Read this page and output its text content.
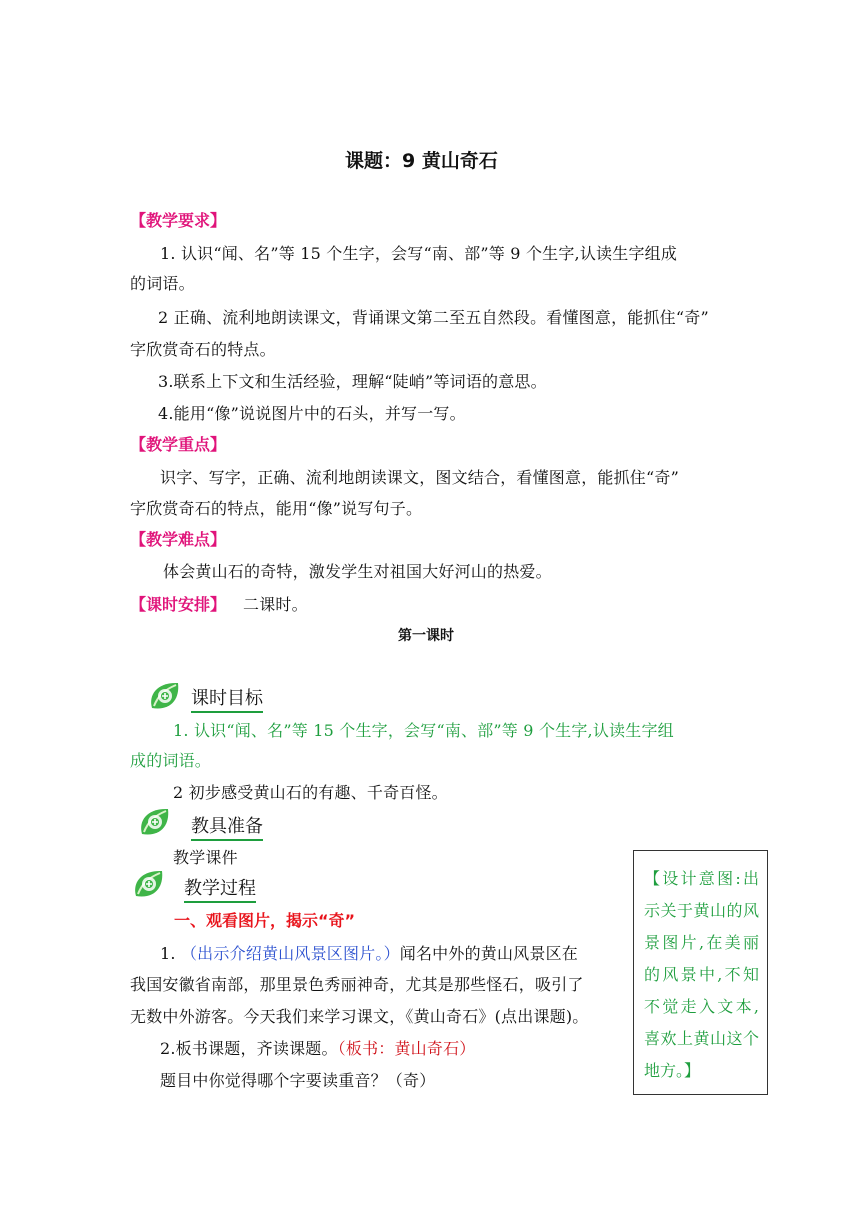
课题：9 黄山奇石
【教学要求】
1. 认识“闻、名”等 15 个生字，会写“南、部”等 9 个生字,认读生字组成
的词语。
2 正确、流利地朗读课文，背诵课文第二至五自然段。看懂图意，能抓住“奇”
字欣赏奇石的特点。
3.联系上下文和生活经验，理解“陡峭”等词语的意思。
4.能用“像”说说图片中的石头，并写一写。
【教学重点】
识字、写字，正确、流利地朗读课文，图文结合，看懂图意，能抓住“奇”
字欣赏奇石的特点，能用“像”说写句子。
【教学难点】
体会黄山石的奇特，激发学生对祖国大好河山的热爱。
【课时安排】 二课时。
第一课时
课时目标
1. 认识“闻、名”等 15 个生字，会写“南、部”等 9 个生字,认读生字组
成的词语。
2 初步感受黄山石的有趣、千奇百怪。
教具准备
教学课件
教学过程
一、观看图片，揭示“奇”
1. （出示介绍黄山风景区图片。）闻名中外的黄山风景区在
我国安徽省南部，那里景色秀丽神奇，尤其是那些怪石，吸引了
无数中外游客。今天我们来学习课文，《黄山奇石》(点出课题)。
2.板书课题，齐读课题。（板书：黄山奇石）
题目中你觉得哪个字要读重音？（奇）
【设计意图:出示关于黄山的风景图片,在美丽的风景中,不知不觉走入文本,喜欢上黄山这个地方。】
